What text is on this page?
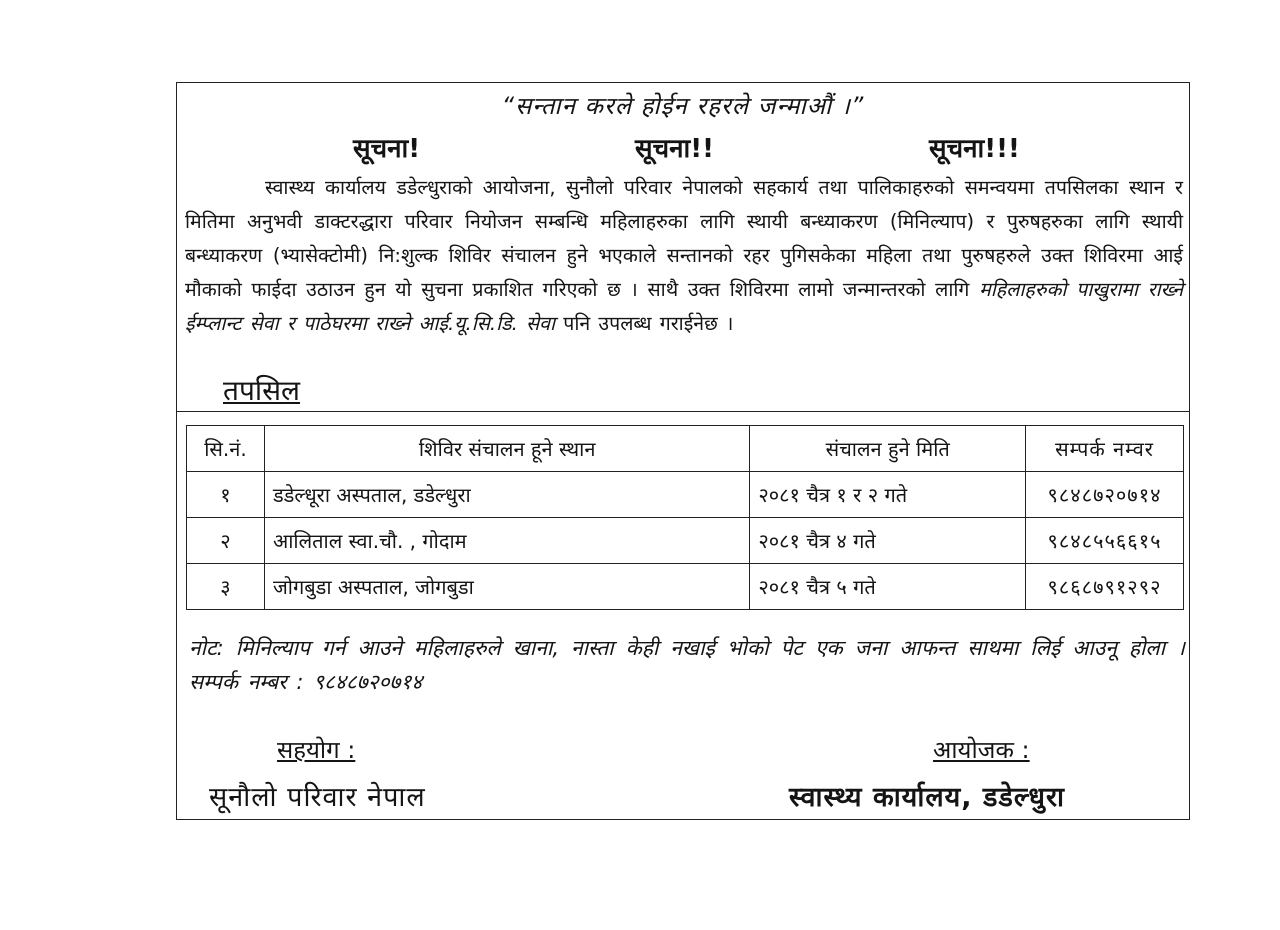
“सन्तान करले होईन रहरले जन्माऔं ।”
सूचना!	सूचना!!	सूचना!!!
स्वास्थ्य कार्यालय डडेल्धुराको आयोजना, सुनौलो परिवार नेपालको सहकार्य तथा पालिकाहरुको समन्वयमा तपसिलका स्थान र मितिमा अनुभवी डाक्टरद्धारा परिवार नियोजन सम्बन्धि महिलाहरुका लागि स्थायी बन्ध्याकरण (मिनिल्याप) र पुरुषहरुका लागि स्थायी बन्ध्याकरण (भ्यासेक्टोमी) नि:शुल्क शिविर संचालन हुने भएकाले सन्तानको रहर पुगिसकेका महिला तथा पुरुषहरुले उक्त शिविरमा आई मौकाको फाईदा उठाउन हुन यो सुचना प्रकाशित गरिएको छ । साथै उक्त शिविरमा लामो जन्मान्तरको लागि महिलाहरुको पाखुरामा राख्ने ईम्प्लान्ट सेवा र पाठेघरमा राख्ने आई.यू.सि.डि. सेवा पनि उपलब्ध गराईनेछ ।
तपसिल
सि.नं.	शिविर संचालन हूने स्थान	संचालन हुने मिति	सम्पर्क नम्वर
१	डडेल्धूरा अस्पताल, डडेल्धुरा	२०८१ चैत्र १ र २ गते	९८४८७२०७१४
२	आलिताल स्वा.चौ. , गोदाम	२०८१ चैत्र ४ गते	९८४८५५६६१५
३	जोगबुडा अस्पताल, जोगबुडा	२०८१ चैत्र ५ गते	९८६८७९१२९२
नोट: मिनिल्याप गर्न आउने महिलाहरुले खाना, नास्ता केही नखाई भोको पेट एक जना आफन्त साथमा लिई आउनू होला । सम्पर्क नम्बर : ९८४८७२०७१४
सहयोग :
सूनौलो परिवार नेपाल
आयोजक :
स्वास्थ्य कार्यालय, डडेल्धुरा
